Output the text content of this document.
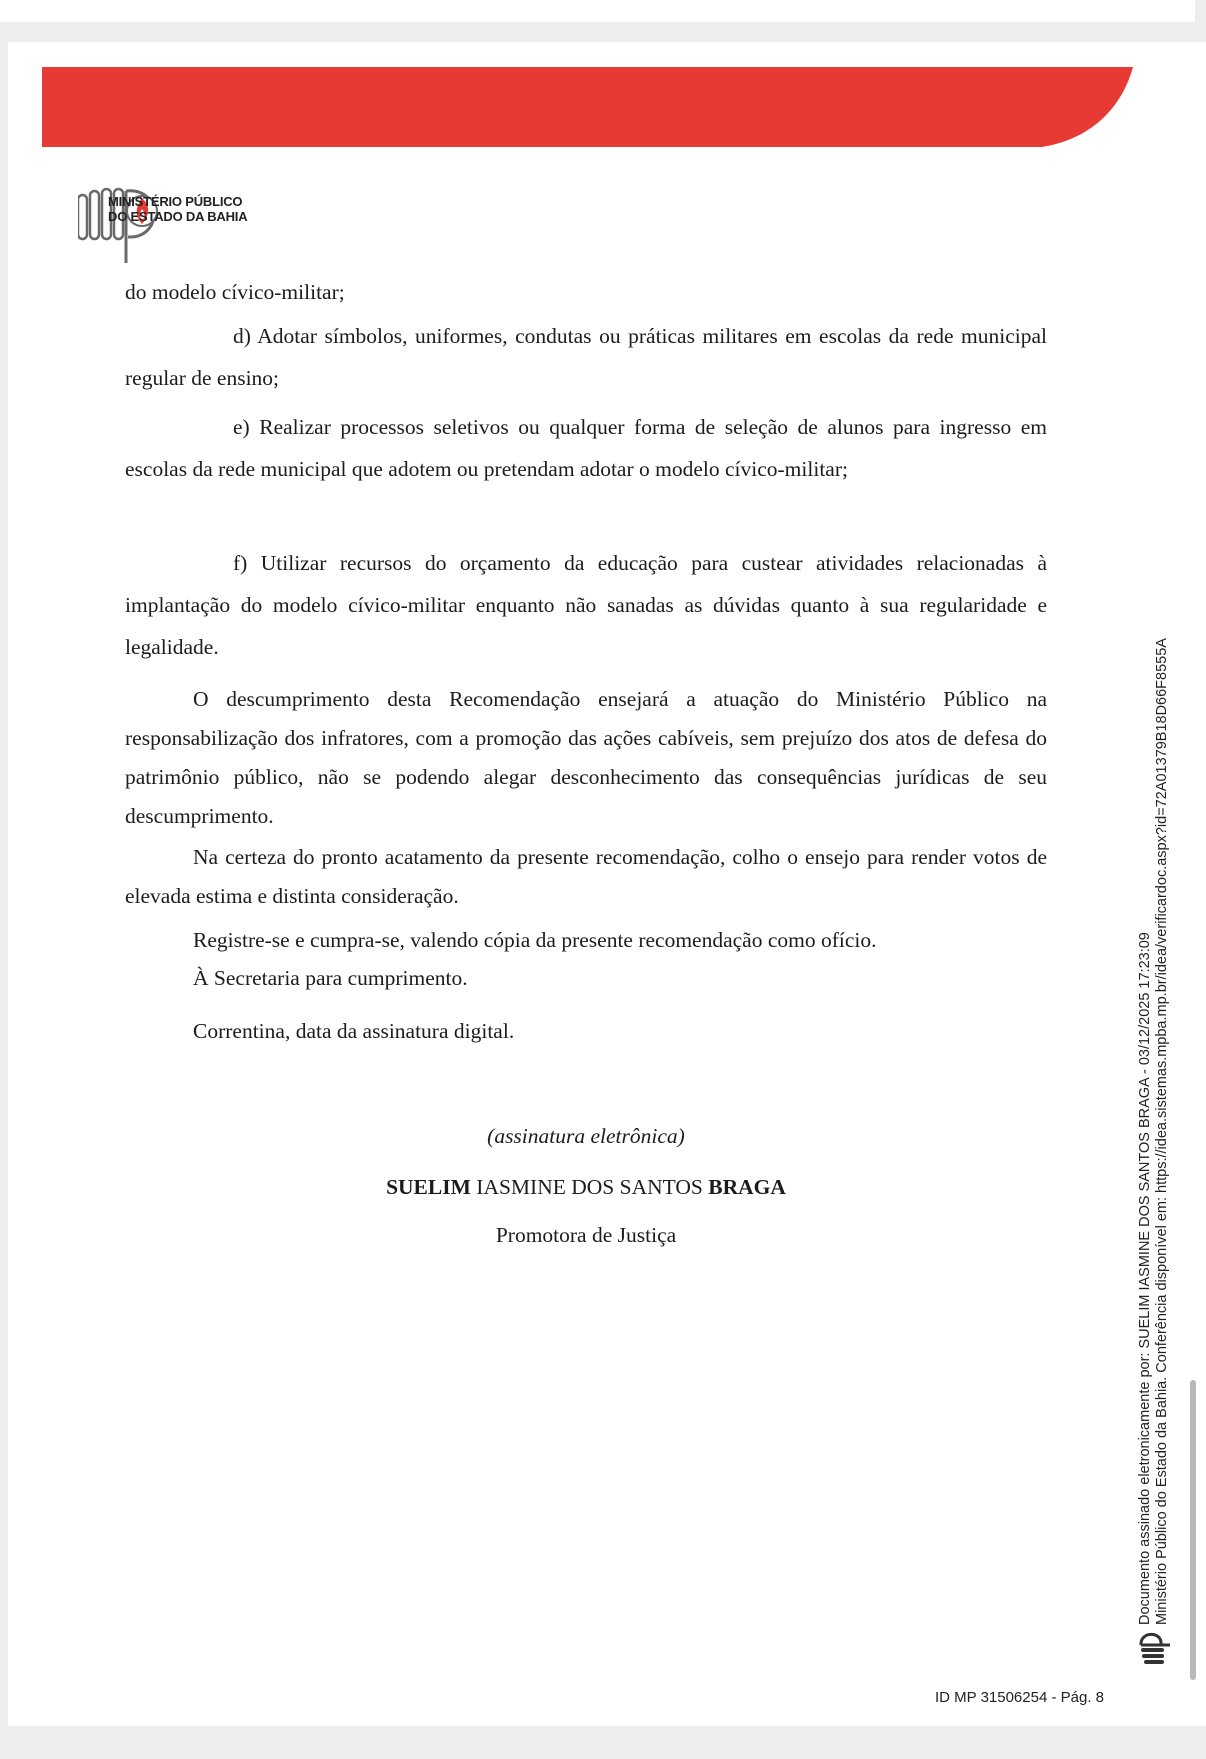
MINISTÉRIO PÚBLICO
DO ESTADO DA BAHIA

do modelo cívico-militar;

d) Adotar símbolos, uniformes, condutas ou práticas militares em escolas da rede municipal regular de ensino;

e) Realizar processos seletivos ou qualquer forma de seleção de alunos para ingresso em escolas da rede municipal que adotem ou pretendam adotar o modelo cívico-militar;

f) Utilizar recursos do orçamento da educação para custear atividades relacionadas à implantação do modelo cívico-militar enquanto não sanadas as dúvidas quanto à sua regularidade e legalidade.

O descumprimento desta Recomendação ensejará a atuação do Ministério Público na responsabilização dos infratores, com a promoção das ações cabíveis, sem prejuízo dos atos de defesa do patrimônio público, não se podendo alegar desconhecimento das consequências jurídicas de seu descumprimento.

Na certeza do pronto acatamento da presente recomendação, colho o ensejo para render votos de elevada estima e distinta consideração.

Registre-se e cumpra-se, valendo cópia da presente recomendação como ofício.
À Secretaria para cumprimento.
Correntina, data da assinatura digital.
(assinatura eletrônica)
SUELIM IASMINE DOS SANTOS BRAGA
Promotora de Justiça
ID MP 31506254 - Pág. 8
Documento assinado eletronicamente por: SUELIM IASMINE DOS SANTOS BRAGA - 03/12/2025 17:23:09 Ministério Público do Estado da Bahia. Conferência disponível em: https://idea.sistemas.mpba.mp.br/idea/verificardoc.aspx?id=72A01379B18D66F8555A
